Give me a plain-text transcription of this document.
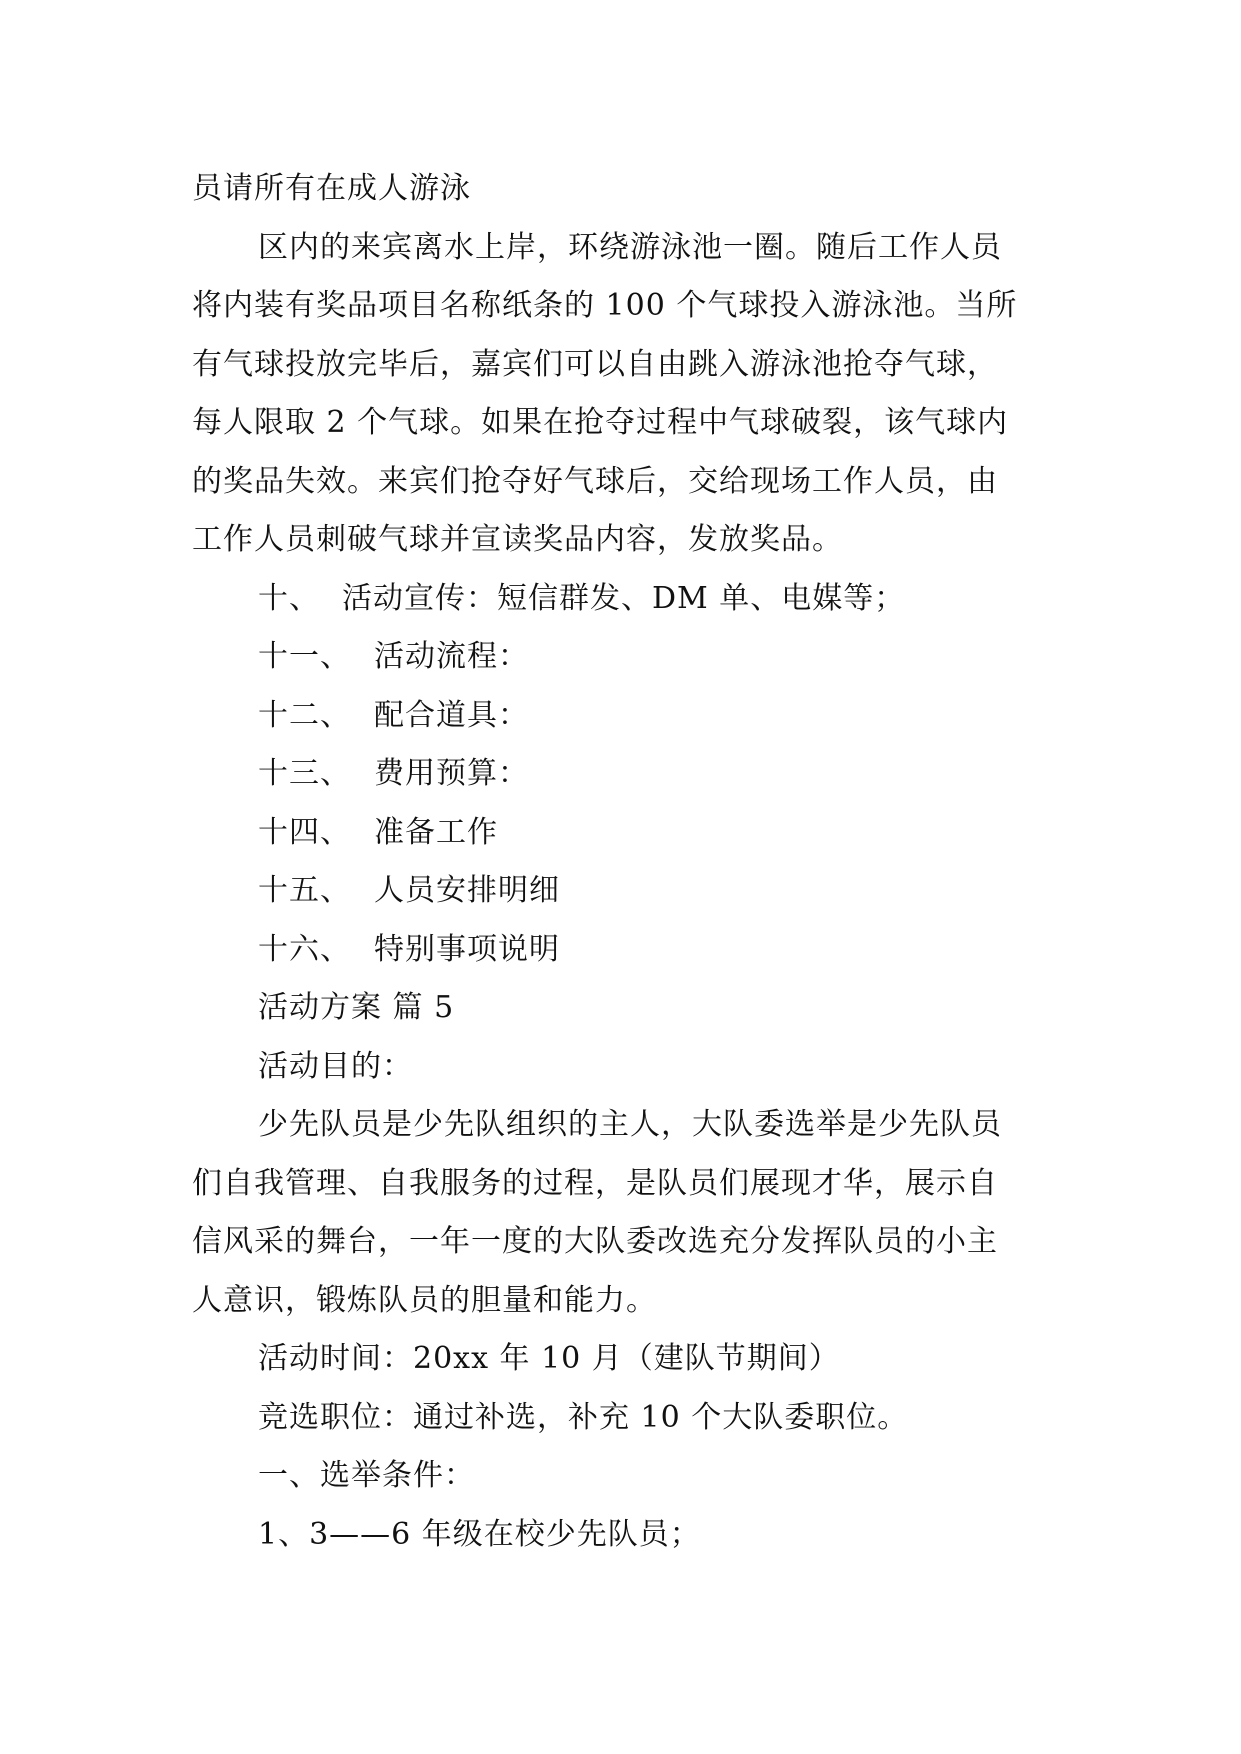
员请所有在成人游泳
区内的来宾离水上岸，环绕游泳池一圈。随后工作人员
将内装有奖品项目名称纸条的 100 个气球投入游泳池。当所
有气球投放完毕后，嘉宾们可以自由跳入游泳池抢夺气球，
每人限取 2 个气球。如果在抢夺过程中气球破裂，该气球内
的奖品失效。来宾们抢夺好气球后，交给现场工作人员，由
工作人员刺破气球并宣读奖品内容，发放奖品。
十、 活动宣传：短信群发、DM 单、电媒等；
十一、 活动流程：
十二、 配合道具：
十三、 费用预算：
十四、 准备工作
十五、 人员安排明细
十六、 特别事项说明
活动方案 篇 5
活动目的：
少先队员是少先队组织的主人，大队委选举是少先队员
们自我管理、自我服务的过程，是队员们展现才华，展示自
信风采的舞台，一年一度的大队委改选充分发挥队员的小主
人意识，锻炼队员的胆量和能力。
活动时间：20xx 年 10 月（建队节期间）
竞选职位：通过补选，补充 10 个大队委职位。
一、选举条件：
1、3——6 年级在校少先队员；
